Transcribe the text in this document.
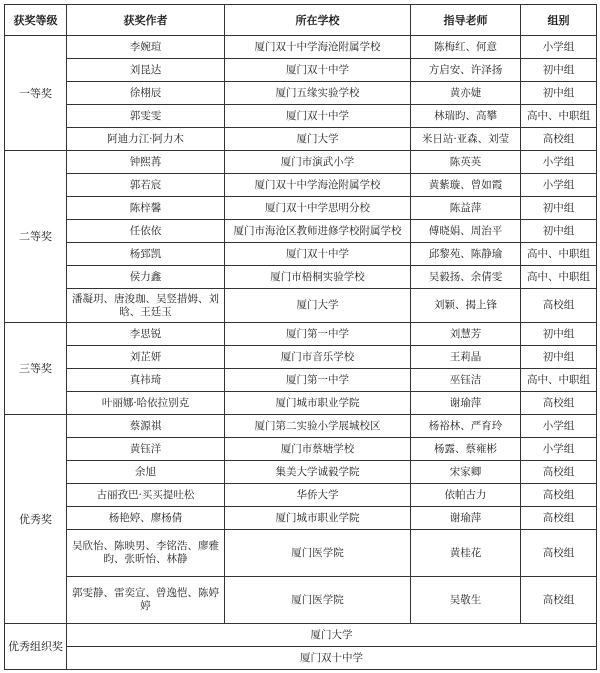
获奖等级	获奖作者	所在学校	指导老师	组别
一等奖	李婉瑄	厦门双十中学海沧附属学校	陈梅红、何意	小学组
	刘昆达	厦门双十中学	方启安、许泽扬	初中组
	徐栩辰	厦门五缘实验学校	黄亦婕	初中组
	郭雯雯	厦门双十中学	林瑞昀、高攀	高中、中职组
	阿迪力江·阿力木	厦门大学	米日站·亚森、刘莹	高校组
二等奖	钟熙苒	厦门市演武小学	陈英英	小学组
	郭若宸	厦门双十中学海沧附属学校	黄紫璇、曾如霞	小学组
	陈梓馨	厦门双十中学思明分校	陈益萍	初中组
	任依依	厦门市海沧区教师进修学校附属学校	傅晓娟、周治平	初中组
	杨郅凯	厦门双十中学	邱黎苑、陈静瑜	高中、中职组
	侯力鑫	厦门市梧桐实验学校	吴毅扬、余倩雯	高中、中职组
	潘凝玥、唐浚珈、吴竖措姆、刘晗、王廷玉	厦门大学	刘颖、揭上锋	高校组
三等奖	李思锐	厦门第一中学	刘慧芳	初中组
	刘芷妍	厦门市音乐学校	王莉晶	初中组
	真祎琦	厦门第一中学	巫钰洁	高中、中职组
	叶丽娜·哈依拉别克	厦门城市职业学院	谢瑜萍	高校组
优秀奖	蔡源祺	厦门第二实验小学展城校区	杨裕林、严育玲	小学组
	黄钰洋	厦门市蔡塘学校	杨露、蔡雍彬	小学组
	余旭	集美大学诚毅学院	宋家卿	高校组
	古丽孜巴·买买提吐松	华侨大学	依帕古力	高校组
	杨艳婷、廖杨倩	厦门城市职业学院	谢瑜萍	高校组
	吴欣怡、陈映男、李铭浩、廖雅昀、张昕怡、林静	厦门医学院	黄桂花	高校组
	郭雯静、雷奕宣、曾逸恺、陈婷婷	厦门医学院	吴敬生	高校组
优秀组织奖	厦门大学			
	厦门双十中学			
